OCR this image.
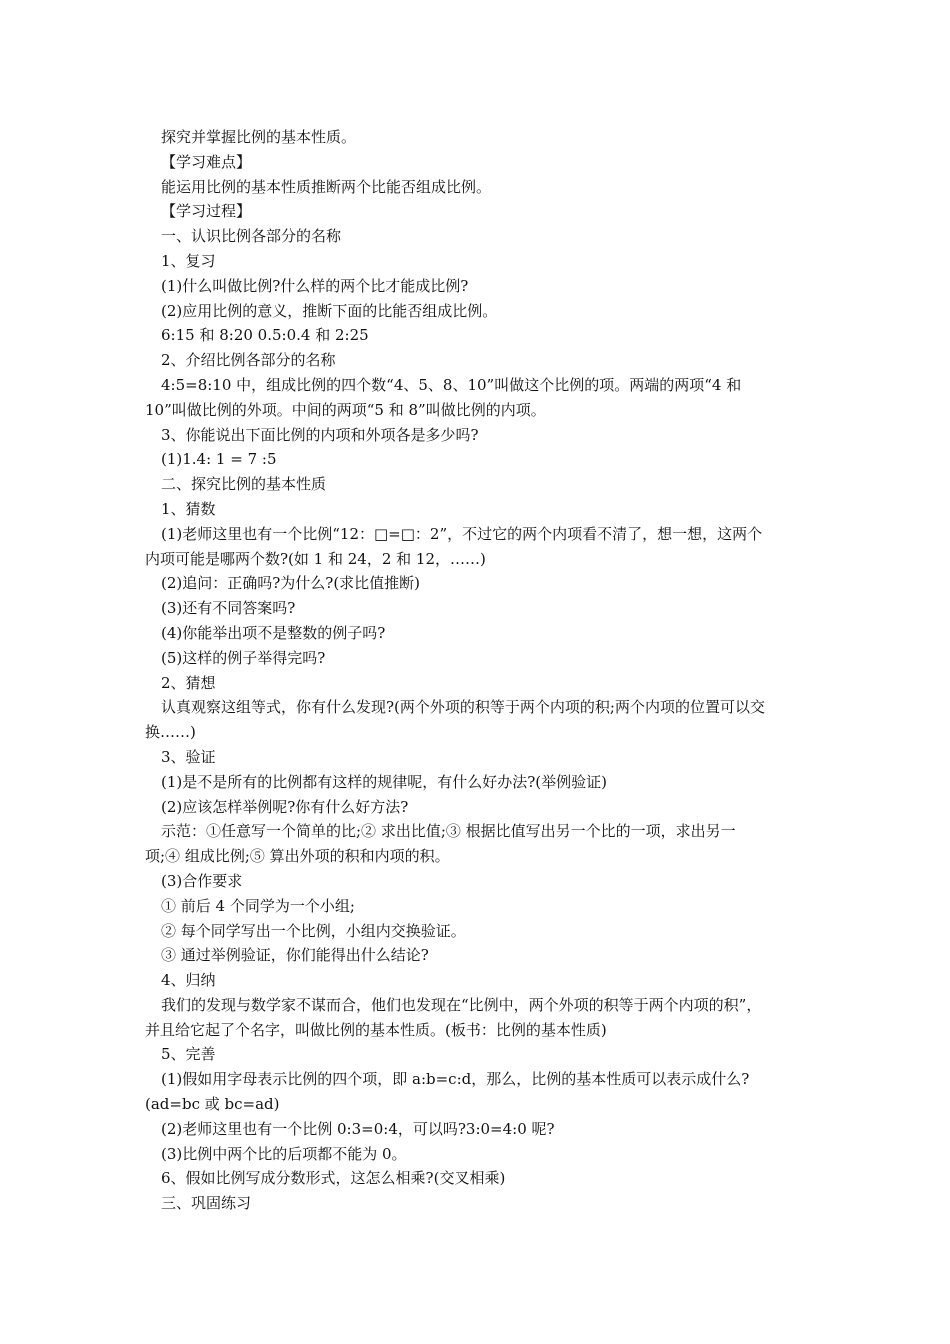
探究并掌握比例的基本性质。
【学习难点】
能运用比例的基本性质推断两个比能否组成比例。
【学习过程】
一、认识比例各部分的名称
1、复习
(1)什么叫做比例?什么样的两个比才能成比例?
(2)应用比例的意义，推断下面的比能否组成比例。
6:15 和 8:20 0.5:0.4 和 2:25
2、介绍比例各部分的名称
4:5=8:10 中，组成比例的四个数“4、5、8、10”叫做这个比例的项。两端的两项“4 和
10”叫做比例的外项。中间的两项“5 和 8”叫做比例的内项。
3、你能说出下面比例的内项和外项各是多少吗?
(1)1.4: 1 = 7 :5
二、探究比例的基本性质
1、猜数
(1)老师这里也有一个比例“12：□=□：2”，不过它的两个内项看不清了，想一想，这两个
内项可能是哪两个数?(如 1 和 24，2 和 12，……)
(2)追问：正确吗?为什么?(求比值推断)
(3)还有不同答案吗?
(4)你能举出项不是整数的例子吗?
(5)这样的例子举得完吗?
2、猜想
认真观察这组等式，你有什么发现?(两个外项的积等于两个内项的积;两个内项的位置可以交
换……)
3、验证
(1)是不是所有的比例都有这样的规律呢，有什么好办法?(举例验证)
(2)应该怎样举例呢?你有什么好方法?
示范：①任意写一个简单的比;② 求出比值;③ 根据比值写出另一个比的一项，求出另一
项;④ 组成比例;⑤ 算出外项的积和内项的积。
(3)合作要求
① 前后 4 个同学为一个小组;
② 每个同学写出一个比例，小组内交换验证。
③ 通过举例验证，你们能得出什么结论?
4、归纳
我们的发现与数学家不谋而合，他们也发现在“比例中，两个外项的积等于两个内项的积”，
并且给它起了个名字，叫做比例的基本性质。(板书：比例的基本性质)
5、完善
(1)假如用字母表示比例的四个项，即 a:b=c:d，那么，比例的基本性质可以表示成什么?
(ad=bc 或 bc=ad)
(2)老师这里也有一个比例 0:3=0:4，可以吗?3:0=4:0 呢?
(3)比例中两个比的后项都不能为 0。
6、假如比例写成分数形式，这怎么相乘?(交叉相乘)
三、巩固练习
